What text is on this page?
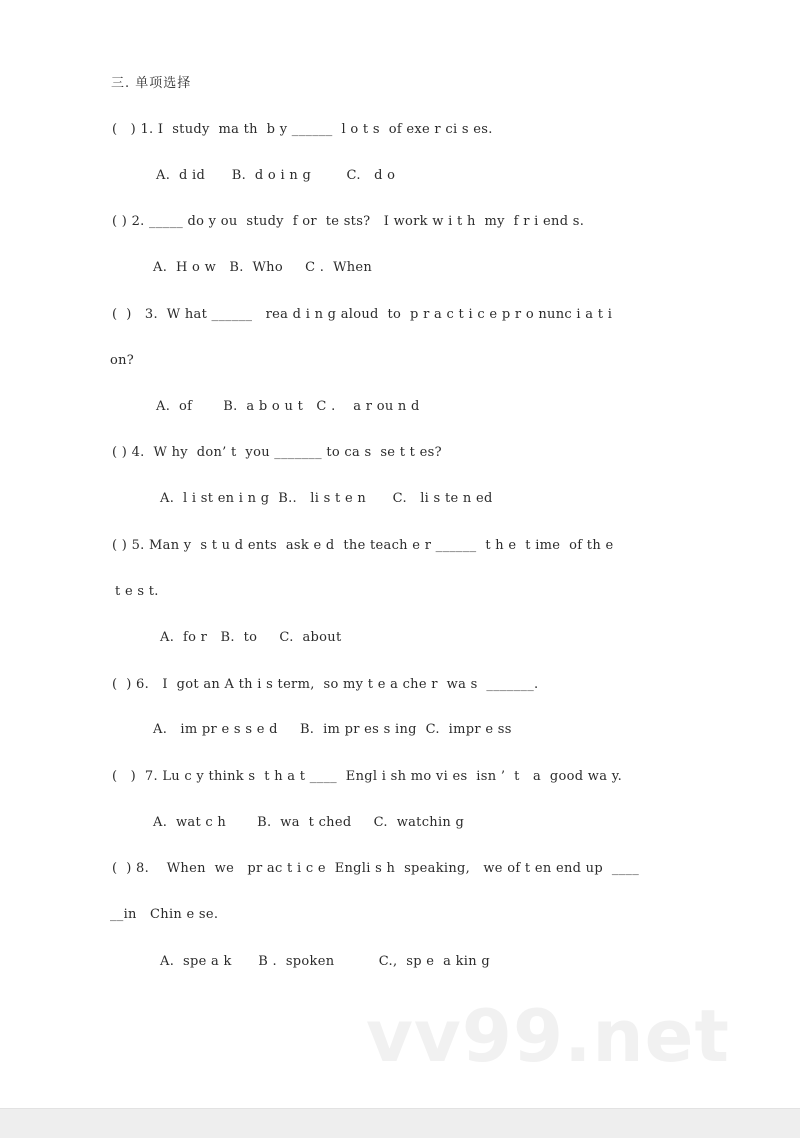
三. 单项选择
(   ) 1. I  study  ma th  b y ______  l o t s  of exe r ci s es.
A.  d id      B.  d o i n g        C.   d o
( ) 2. _____ do y ou  study  f or  te sts?   I work w i t h  my  f r i end s.
A.  H o w   B.  Who     C .  When
(  )   3.  W hat ______   rea d i n g aloud  to  p r a c t i c e p r o nunc i a t i
on?
A.  of       B.  a b o u t   C .    a r ou n d
( ) 4.  W hy  don’ t  you _______ to ca s  se t t es?
A.  l i st en i n g  B..   li s t e n      C.   li s te n ed
( ) 5. Man y  s t u d ents  ask e d  the teach e r ______  t h e  t ime  of th e
t e s t.
A.  fo r   B.  to     C.  about
(  ) 6.   I  got an A th i s term,  so my t e a che r  wa s  _______.
A.   im pr e s s e d     B.  im pr es s ing  C.  impr e ss
(   )  7. Lu c y think s  t h a t ____  Engl i sh mo vi es  isn ’  t   a  good wa y.
A.  wat c h       B.  wa  t ched     C.  watchin g
(  ) 8.    When  we   pr ac t i c e  Engli s h  speaking,   we of t en end up  ____
__in   Chin e se.
A.  spe a k      B .  spoken          C.,  sp e  a kin g
vv99.net
